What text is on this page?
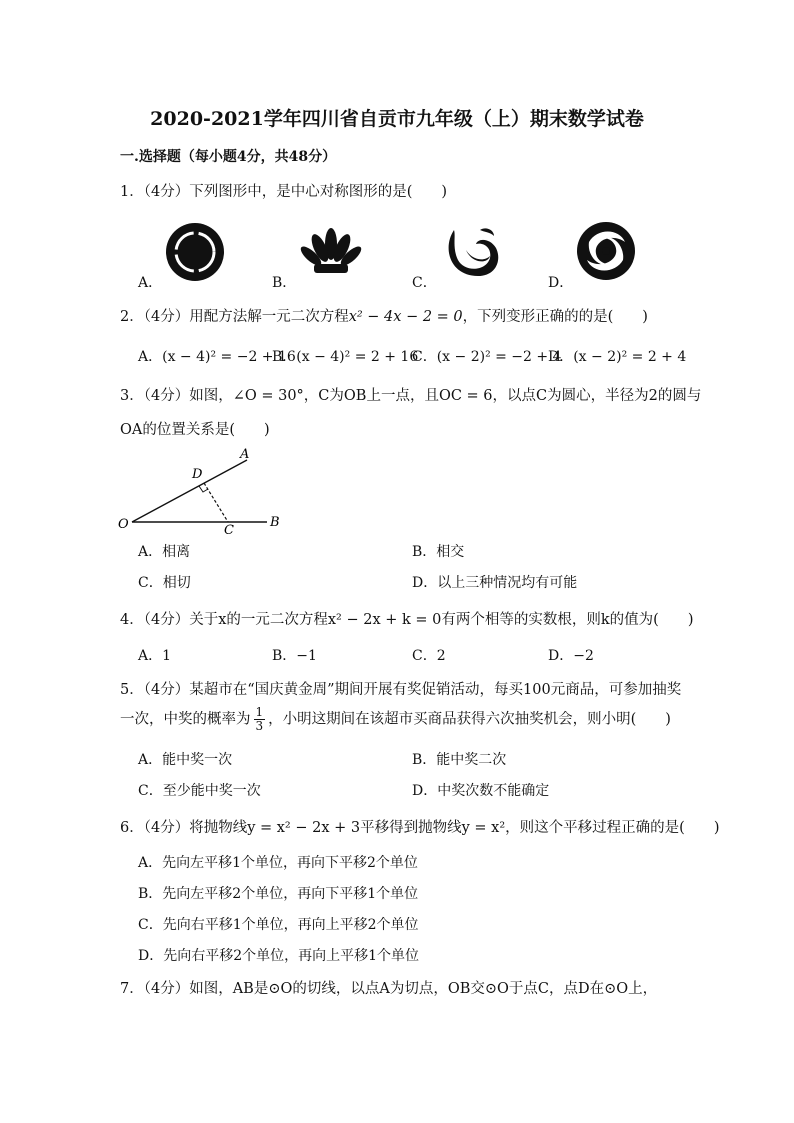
2020-2021学年四川省自贡市九年级（上）期末数学试卷
一.选择题（每小题4分，共48分）
1．（4分）下列图形中，是中心对称图形的是(　　)
A．	B．	C．	D．
2．（4分）用配方法解一元二次方程x² − 4x − 2 = 0，下列变形正确的的是(　　)
A．(x − 4)² = −2 + 16
B．(x − 4)² = 2 + 16
C．(x − 2)² = −2 + 4
D．(x − 2)² = 2 + 4
3．（4分）如图，∠O = 30°，C为OB上一点，且OC = 6，以点C为圆心，半径为2的圆与
OA的位置关系是(　　)
O
A
B
C
D
A．相离	B．相交
C．相切	D．以上三种情况均有可能
4．（4分）关于x的一元二次方程x² − 2x + k = 0有两个相等的实数根，则k的值为(　　)
A．1	B．−1	C．2	D．−2
5．（4分）某超市在“国庆黄金周”期间开展有奖促销活动，每买100元商品，可参加抽奖
一次，中奖的概率为 $\frac{1}{3}$ ，小明这期间在该超市买商品获得六次抽奖机会，则小明(　　)
A．能中奖一次	B．能中奖二次
C．至少能中奖一次	D．中奖次数不能确定
6．（4分）将抛物线y = x² − 2x + 3平移得到抛物线y = x²，则这个平移过程正确的是(　　)
A．先向左平移1个单位，再向下平移2个单位
B．先向左平移2个单位，再向下平移1个单位
C．先向右平移1个单位，再向上平移2个单位
D．先向右平移2个单位，再向上平移1个单位
7．（4分）如图，AB是⊙O的切线，以点A为切点，OB交⊙O于点C，点D在⊙O上，
